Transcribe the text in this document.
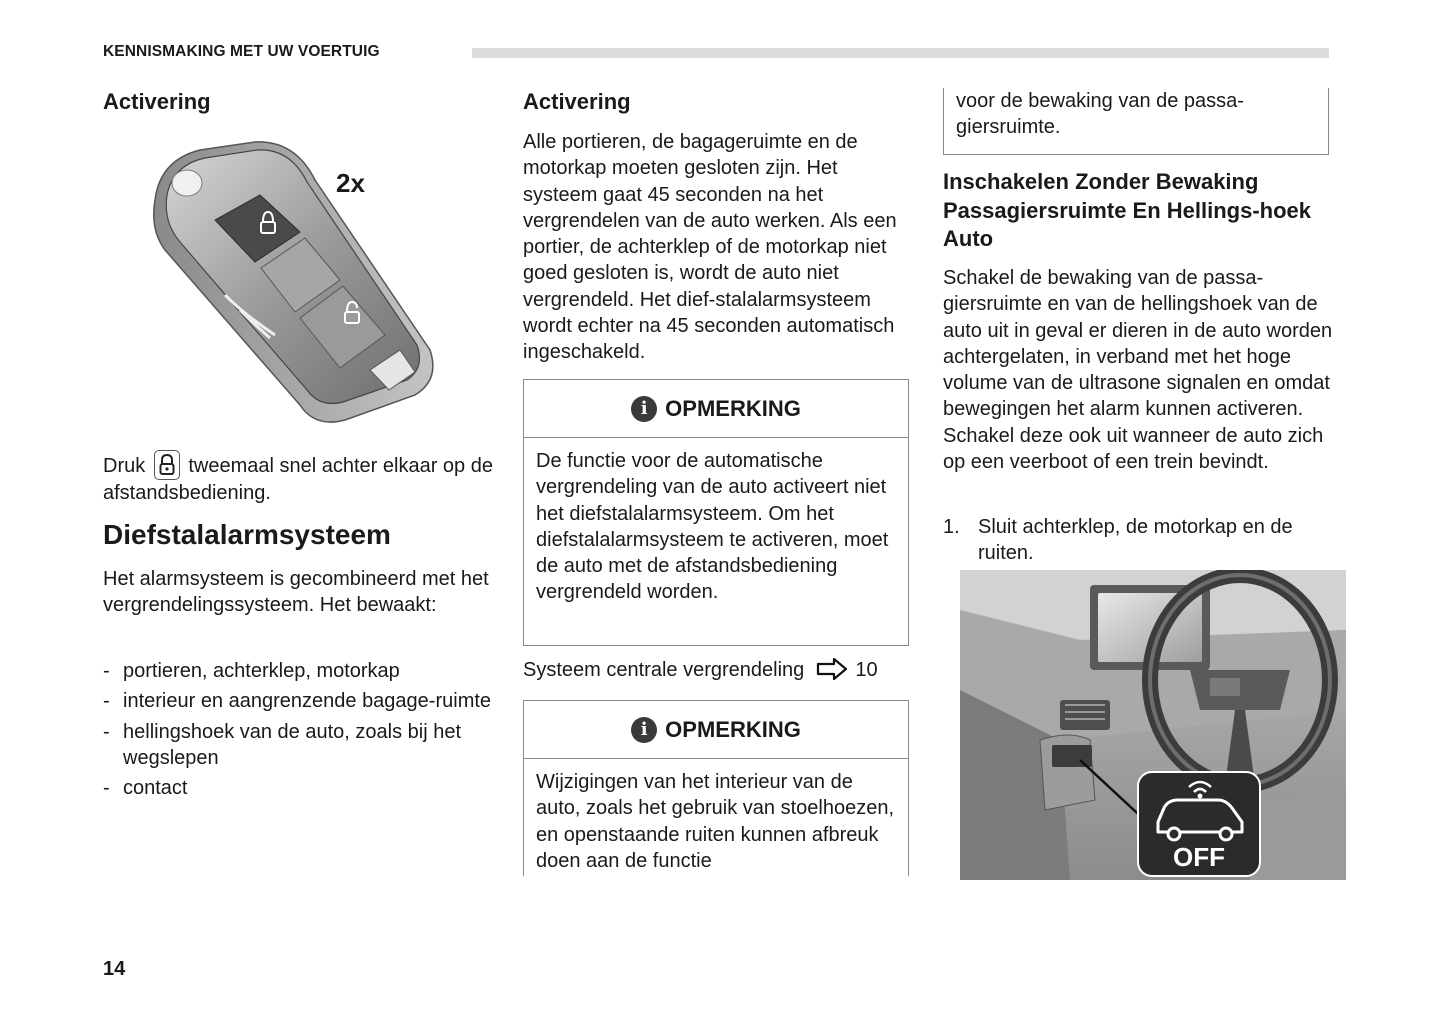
KENNISMAKING MET UW VOERTUIG
Activering
2x
Druk tweemaal snel achter elkaar op de afstandsbediening.
Diefstalalarmsysteem

Het alarmsysteem is gecombineerd met het vergrendelingssysteem. Het bewaakt:

- portieren, achterklep, motorkap
- interieur en aangrenzende bagage-ruimte
- hellingshoek van de auto, zoals bij het wegslepen
- contact
Activering

Alle portieren, de bagageruimte en de motorkap moeten gesloten zijn. Het systeem gaat 45 seconden na het vergrendelen van de auto werken. Als een portier, de achterklep of de motorkap niet goed gesloten is, wordt de auto niet vergrendeld. Het dief-stalalarmsysteem wordt echter na 45 seconden automatisch ingeschakeld.

i OPMERKING
De functie voor de automatische vergrendeling van de auto activeert niet het diefstalalarmsysteem. Om het diefstalalarmsysteem te activeren, moet de auto met de afstandsbediening vergrendeld worden.
Systeem centrale vergrendeling	10
i OPMERKING
Wijzigingen van het interieur van de auto, zoals het gebruik van stoelhoezen, en openstaande ruiten kunnen afbreuk doen aan de functie
voor de bewaking van de passa-giersruimte.
Inschakelen Zonder Bewaking Passagiersruimte En Hellings-hoek Auto

Schakel de bewaking van de passa-giersruimte en van de hellingshoek van de auto uit in geval er dieren in de auto worden achtergelaten, in verband met het hoge volume van de ultrasone signalen en omdat bewegingen het alarm kunnen activeren. Schakel deze ook uit wanneer de auto zich op een veerboot of een trein bevindt.

1. Sluit achterklep, de motorkap en de ruiten.
OFF
14
